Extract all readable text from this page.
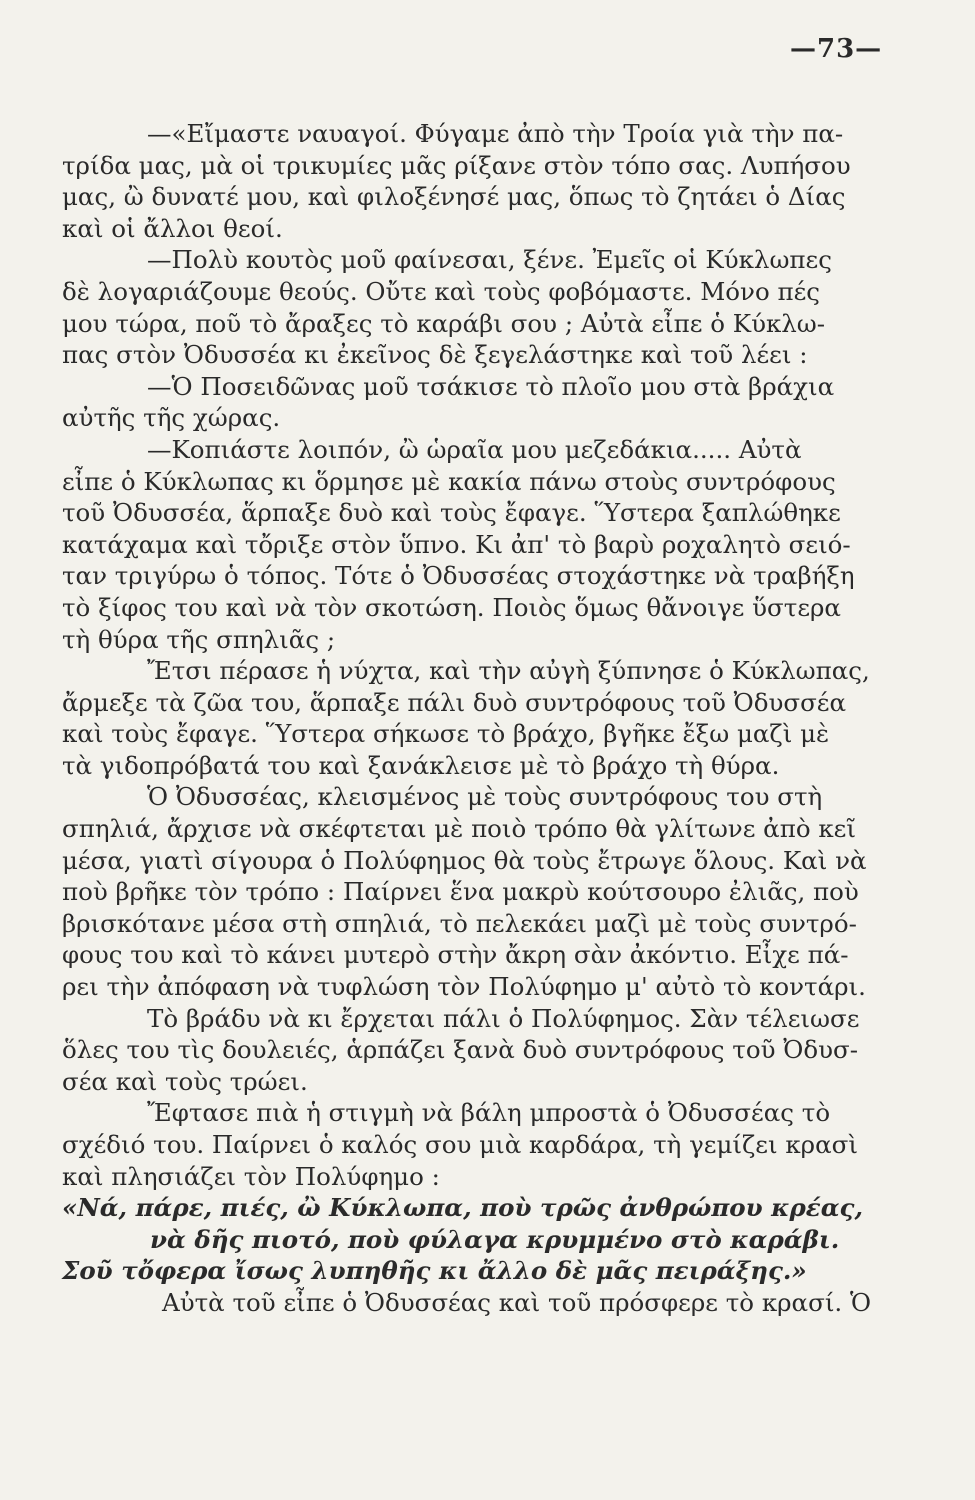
—73—
—«Εἴμαστε ναυαγοί. Φύγαμε ἀπὸ τὴν Τροία γιὰ τὴν πα-
τρίδα μας, μὰ οἱ τρικυμίες μᾶς ρίξανε στὸν τόπο σας. Λυπήσου
μας, ὢ δυνατέ μου, καὶ φιλοξένησέ μας, ὅπως τὸ ζητάει ὁ Δίας
καὶ οἱ ἄλλοι θεοί.
—Πολὺ κουτὸς μοῦ φαίνεσαι, ξένε. Ἐμεῖς οἱ Κύκλωπες
δὲ λογαριάζουμε θεούς. Οὔτε καὶ τοὺς φοβόμαστε. Μόνο πές
μου τώρα, ποῦ τὸ ἄραξες τὸ καράβι σου ; Αὐτὰ εἶπε ὁ Κύκλω-
πας στὸν Ὀδυσσέα κι ἐκεῖνος δὲ ξεγελάστηκε καὶ τοῦ λέει :
—Ὁ Ποσειδῶνας μοῦ τσάκισε τὸ πλοῖο μου στὰ βράχια
αὐτῆς τῆς χώρας.
—Κοπιάστε λοιπόν, ὢ ὡραῖα μου μεζεδάκια..... Αὐτὰ
εἶπε ὁ Κύκλωπας κι ὅρμησε μὲ κακία πάνω στοὺς συντρόφους
τοῦ Ὀδυσσέα, ἅρπαξε δυὸ καὶ τοὺς ἔφαγε. Ὕστερα ξαπλώθηκε
κατάχαμα καὶ τὄριξε στὸν ὕπνο. Κι ἀπ' τὸ βαρὺ ροχαλητὸ σειό-
ταν τριγύρω ὁ τόπος. Τότε ὁ Ὀδυσσέας στοχάστηκε νὰ τραβήξη
τὸ ξίφος του καὶ νὰ τὸν σκοτώση. Ποιὸς ὅμως θἄνοιγε ὕστερα
τὴ θύρα τῆς σπηλιᾶς ;
Ἔτσι πέρασε ἡ νύχτα, καὶ τὴν αὐγὴ ξύπνησε ὁ Κύκλωπας,
ἄρμεξε τὰ ζῶα του, ἅρπαξε πάλι δυὸ συντρόφους τοῦ Ὀδυσσέα
καὶ τοὺς ἔφαγε. Ὕστερα σήκωσε τὸ βράχο, βγῆκε ἔξω μαζὶ μὲ
τὰ γιδοπρόβατά του καὶ ξανάκλεισε μὲ τὸ βράχο τὴ θύρα.
Ὁ Ὀδυσσέας, κλεισμένος μὲ τοὺς συντρόφους του στὴ
σπηλιά, ἄρχισε νὰ σκέφτεται μὲ ποιὸ τρόπο θὰ γλίτωνε ἀπὸ κεῖ
μέσα, γιατὶ σίγουρα ὁ Πολύφημος θὰ τοὺς ἔτρωγε ὅλους. Καὶ νὰ
ποὺ βρῆκε τὸν τρόπο : Παίρνει ἕνα μακρὺ κούτσουρο ἐλιᾶς, ποὺ
βρισκότανε μέσα στὴ σπηλιά, τὸ πελεκάει μαζὶ μὲ τοὺς συντρό-
φους του καὶ τὸ κάνει μυτερὸ στὴν ἄκρη σὰν ἀκόντιο. Εἶχε πά-
ρει τὴν ἀπόφαση νὰ τυφλώση τὸν Πολύφημο μ' αὐτὸ τὸ κοντάρι.
Τὸ βράδυ νὰ κι ἔρχεται πάλι ὁ Πολύφημος. Σὰν τέλειωσε
ὅλες του τὶς δουλειές, ἁρπάζει ξανὰ δυὸ συντρόφους τοῦ Ὀδυσ-
σέα καὶ τοὺς τρώει.
Ἔφτασε πιὰ ἡ στιγμὴ νὰ βάλη μπροστὰ ὁ Ὀδυσσέας τὸ
σχέδιό του. Παίρνει ὁ καλός σου μιὰ καρδάρα, τὴ γεμίζει κρασὶ
καὶ πλησιάζει τὸν Πολύφημο :
«Νά, πάρε, πιές, ὢ Κύκλωπα, ποὺ τρῶς ἀνθρώπου κρέας,
νὰ δῆς πιοτό, ποὺ φύλαγα κρυμμένο στὸ καράβι.
Σοῦ τὄφερα ἴσως λυπηθῆς κι ἄλλο δὲ μᾶς πειράξης.»
Αὐτὰ τοῦ εἶπε ὁ Ὀδυσσέας καὶ τοῦ πρόσφερε τὸ κρασί. Ὁ
